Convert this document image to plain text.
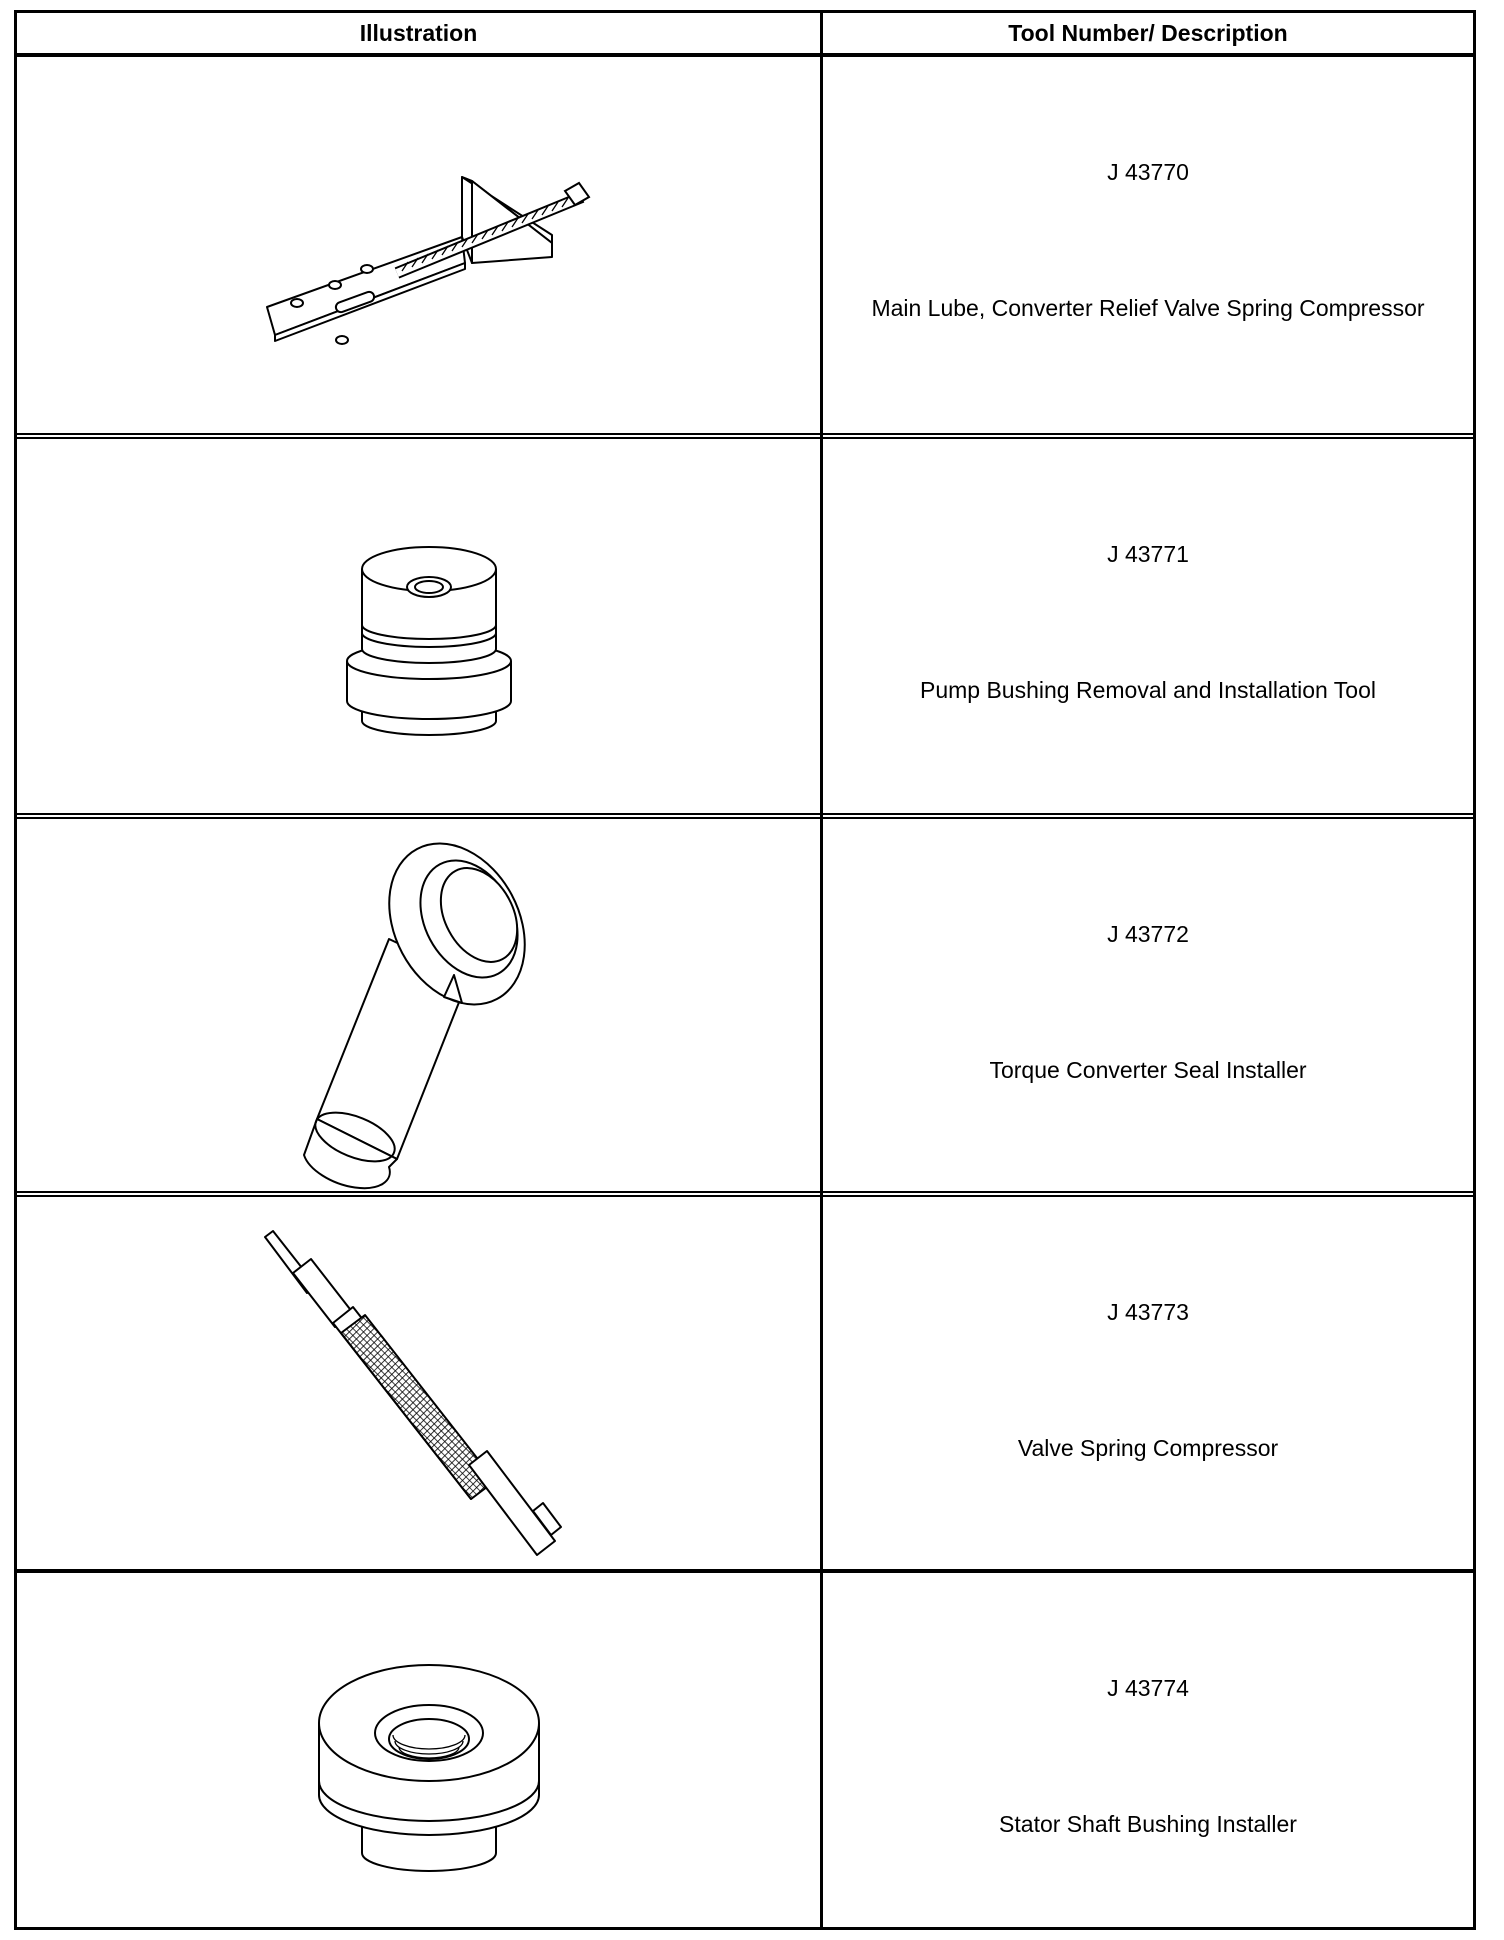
Illustration	Tool Number/ Description
J 43770
Main Lube, Converter Relief Valve Spring Compressor
J 43771
Pump Bushing Removal and Installation Tool
J 43772
Torque Converter Seal Installer
J 43773
Valve Spring Compressor
J 43774
Stator Shaft Bushing Installer
